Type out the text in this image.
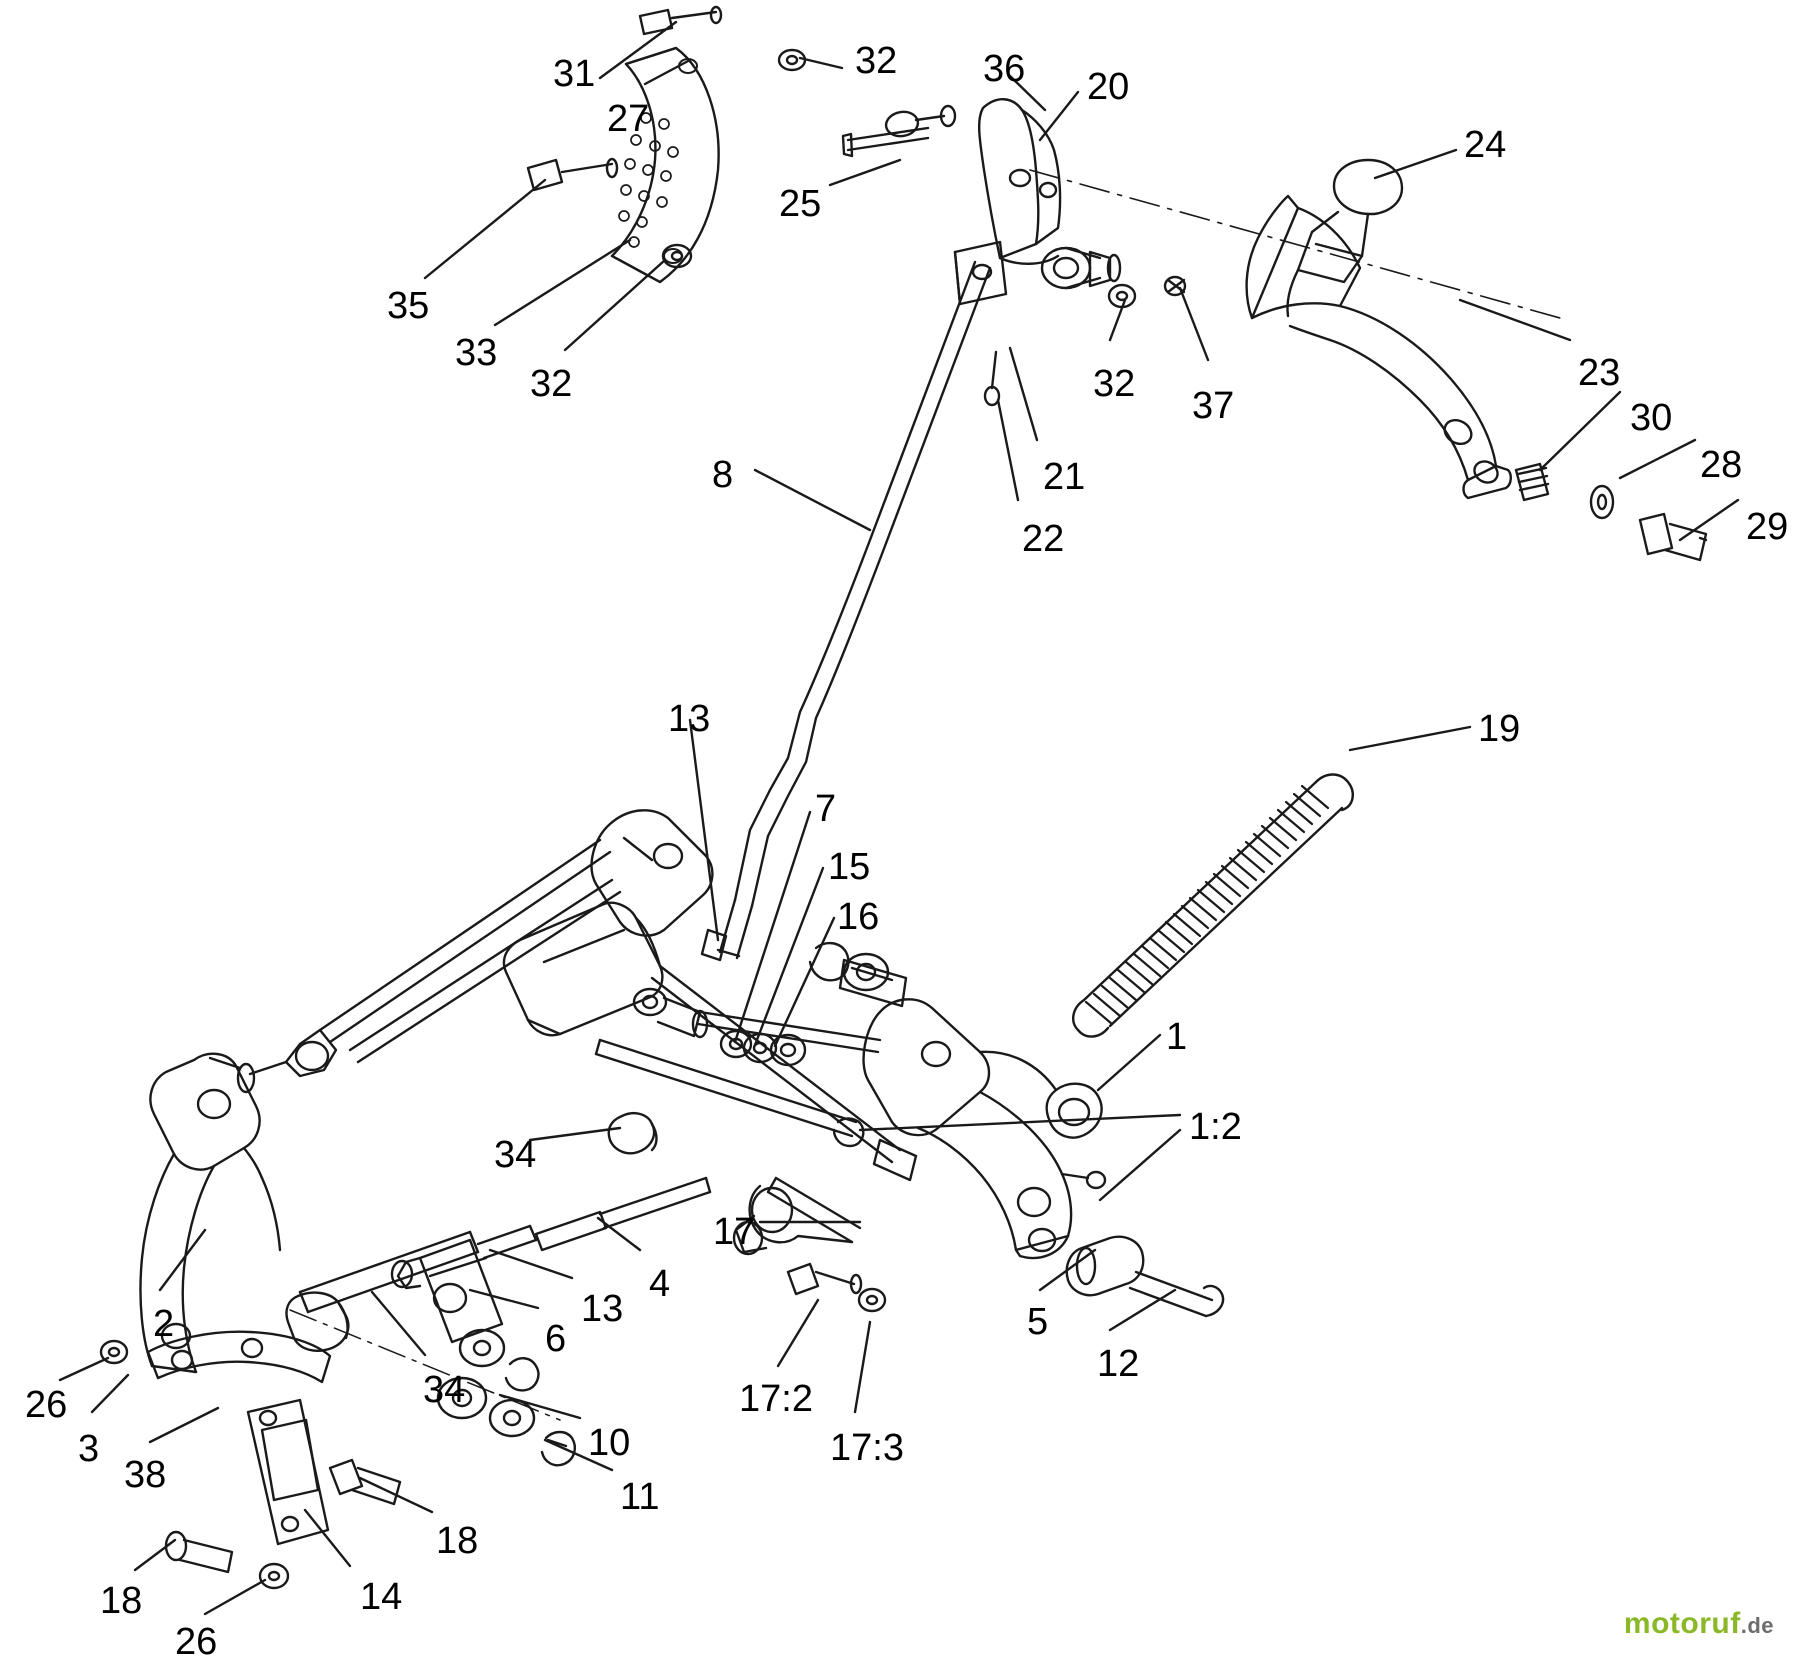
31
27
32 36 20
24
25
35
33
32	32
37
23
30
28
29
21
22
8
19
13
7
15
16
1
1:2
34
17
4
13
2	6	5
12
34	17:2
17:3
10
11
26
3
38
18
14
18
26	motoruf.de
